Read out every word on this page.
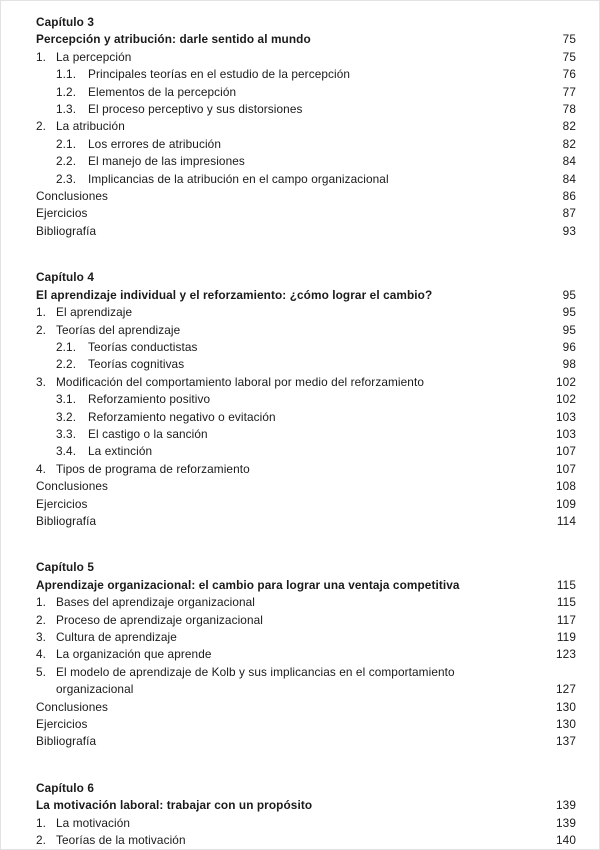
Capítulo 3
Percepción y atribución: darle sentido al mundo	75
1. La percepción	75
1.1.	Principales teorías en el estudio de la percepción	76
1.2.	Elementos de la percepción	77
1.3.	El proceso perceptivo y sus distorsiones	78
2. La atribución	82
2.1.	Los errores de atribución	82
2.2.	El manejo de las impresiones	84
2.3.	Implicancias de la atribución en el campo organizacional	84
Conclusiones	86
Ejercicios	87
Bibliografía	93
Capítulo 4
El aprendizaje individual y el reforzamiento: ¿cómo lograr el cambio?	95
1. El aprendizaje	95
2. Teorías del aprendizaje	95
2.1.	Teorías conductistas	96
2.2.	Teorías cognitivas	98
3. Modificación del comportamiento laboral por medio del reforzamiento	102
3.1.	Reforzamiento positivo	102
3.2.	Reforzamiento negativo o evitación	103
3.3.	El castigo o la sanción	103
3.4.	La extinción	107
4. Tipos de programa de reforzamiento	107
Conclusiones	108
Ejercicios	109
Bibliografía	114
Capítulo 5
Aprendizaje organizacional: el cambio para lograr una ventaja competitiva	115
1. Bases del aprendizaje organizacional	115
2. Proceso de aprendizaje organizacional	117
3. Cultura de aprendizaje	119
4. La organización que aprende	123
5. El modelo de aprendizaje de Kolb y sus implicancias en el comportamiento
organizacional	127
Conclusiones	130
Ejercicios	130
Bibliografía	137
Capítulo 6
La motivación laboral: trabajar con un propósito	139
1. La motivación	139
2. Teorías de la motivación	140
